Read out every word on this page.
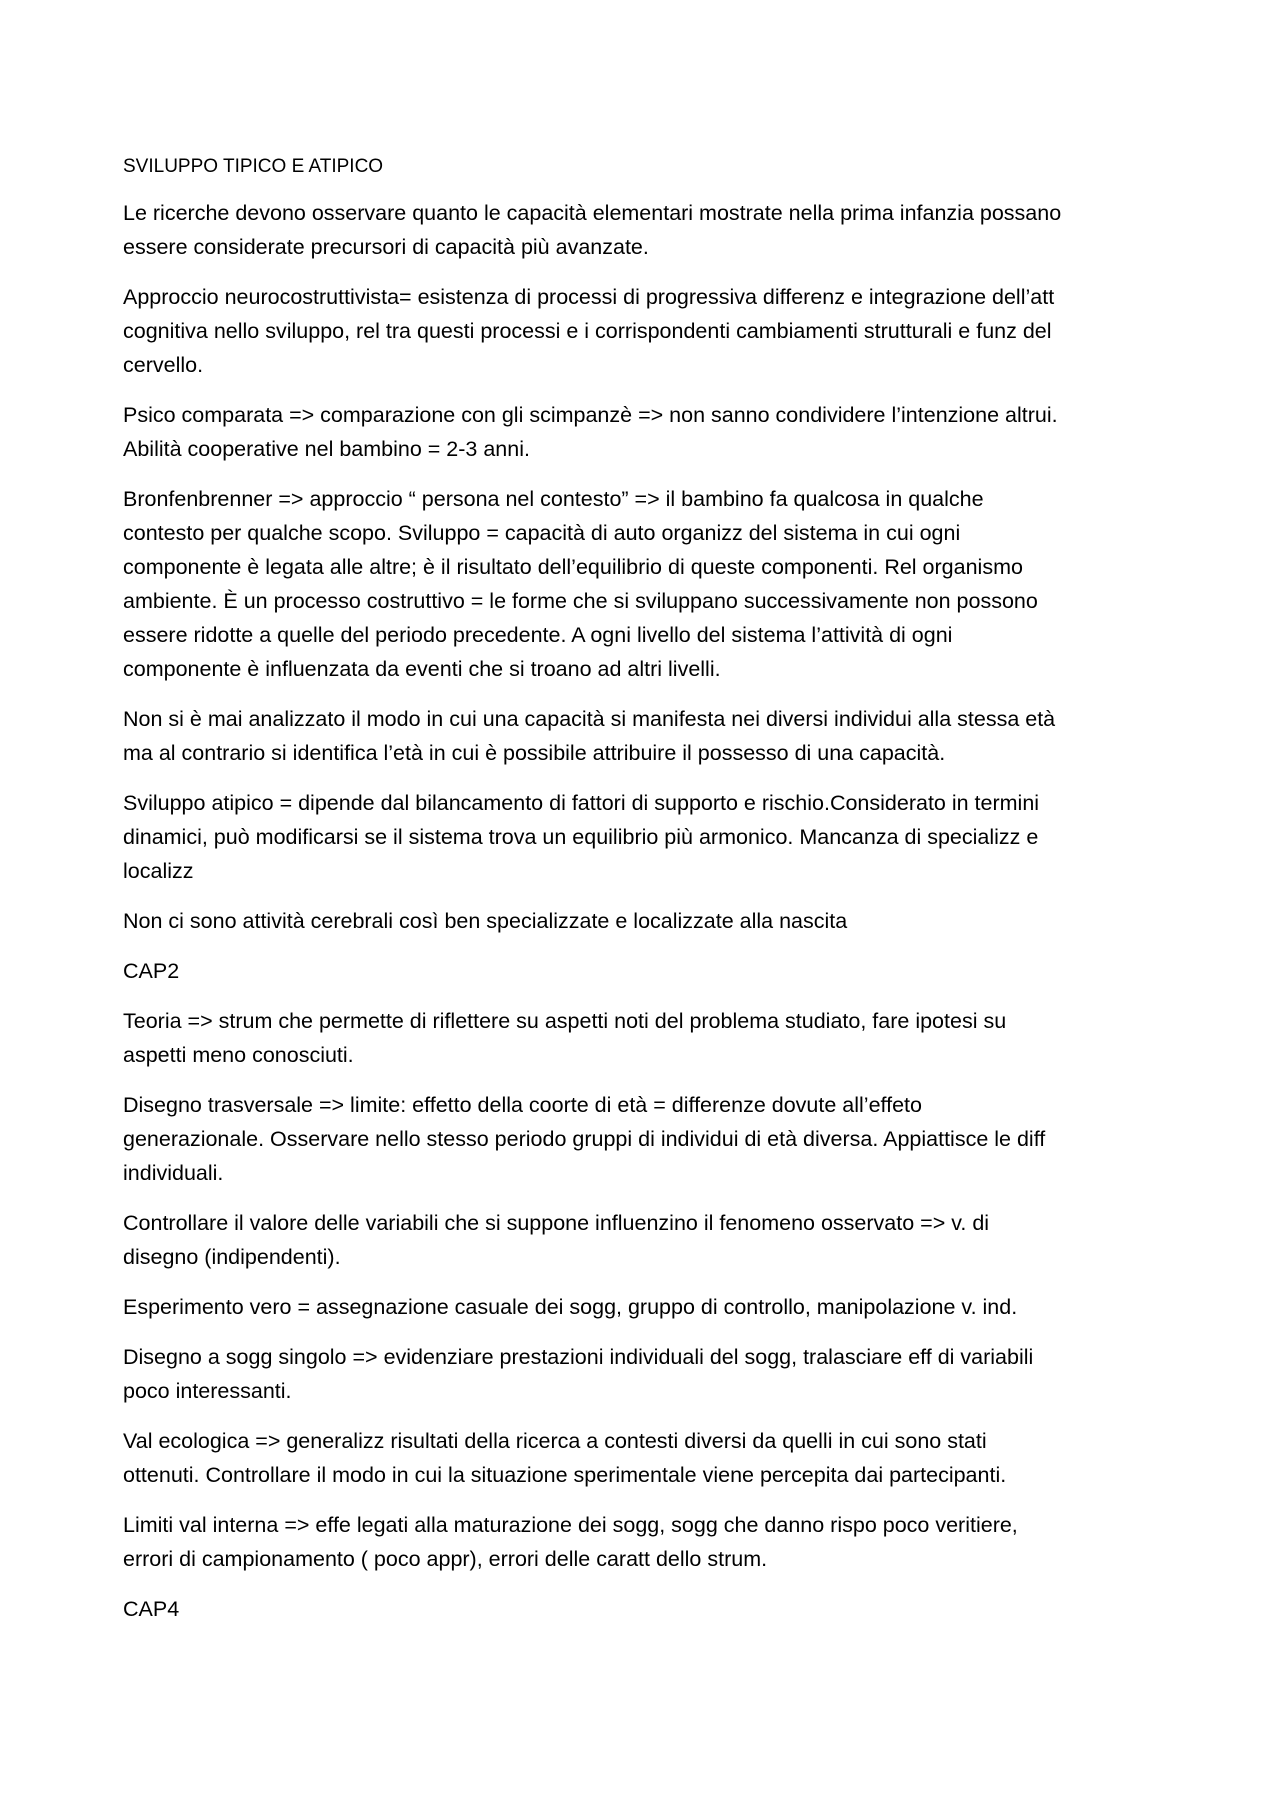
SVILUPPO TIPICO E ATIPICO
Le ricerche devono osservare quanto le capacità elementari mostrate nella prima infanzia possano
essere considerate precursori di capacità più avanzate.
Approccio neurocostruttivista= esistenza di processi di progressiva differenz e integrazione dell’att
cognitiva nello sviluppo, rel tra questi processi e i corrispondenti cambiamenti strutturali e funz del
cervello.
Psico comparata => comparazione con gli scimpanzè => non sanno condividere l’intenzione altrui.
Abilità cooperative nel bambino = 2-3 anni.
Bronfenbrenner => approccio “ persona nel contesto” => il bambino fa qualcosa in qualche
contesto per qualche scopo. Sviluppo = capacità di auto organizz del sistema in cui ogni
componente è legata alle altre; è il risultato dell’equilibrio di queste componenti. Rel organismo
ambiente. È un processo costruttivo = le forme che si sviluppano successivamente non possono
essere ridotte a quelle del periodo precedente. A ogni livello del sistema l’attività di ogni
componente è influenzata da eventi che si troano ad altri livelli.
Non si è mai analizzato il modo in cui una capacità si manifesta nei diversi individui alla stessa età
ma al contrario si identifica l’età in cui è possibile attribuire il possesso di una capacità.
Sviluppo atipico = dipende dal bilancamento di fattori di supporto e rischio.Considerato in termini
dinamici, può modificarsi se il sistema trova un equilibrio più armonico. Mancanza di specializz e
localizz
Non ci sono attività cerebrali così ben specializzate e localizzate alla nascita
CAP2
Teoria => strum che permette di riflettere su aspetti noti del problema studiato, fare ipotesi su
aspetti meno conosciuti.
Disegno trasversale => limite: effetto della coorte di età = differenze dovute all’effeto
generazionale. Osservare nello stesso periodo gruppi di individui di età diversa. Appiattisce le diff
individuali.
Controllare il valore delle variabili che si suppone influenzino il fenomeno osservato => v. di
disegno (indipendenti).
Esperimento vero = assegnazione casuale dei sogg, gruppo di controllo, manipolazione v. ind.
Disegno a sogg singolo => evidenziare prestazioni individuali del sogg, tralasciare eff di variabili
poco interessanti.
Val ecologica => generalizz risultati della ricerca a contesti diversi da quelli in cui sono stati
ottenuti. Controllare il modo in cui la situazione sperimentale viene percepita dai partecipanti.
Limiti val interna => effe legati alla maturazione dei sogg, sogg che danno rispo poco veritiere,
errori di campionamento ( poco appr), errori delle caratt dello strum.
CAP4
